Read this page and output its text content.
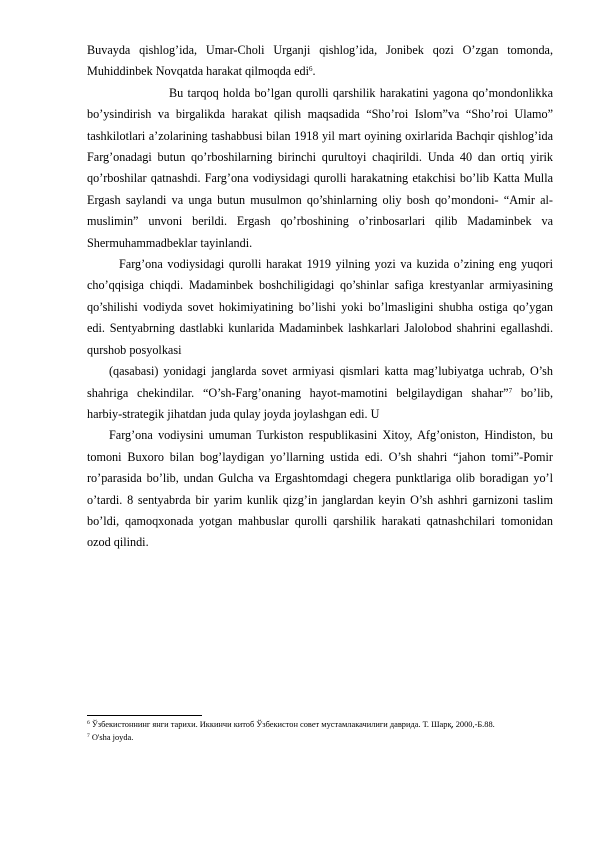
Buvayda qishlog’ida, Umar-Choli Urganji qishlog’ida, Jonibek qozi O’zgan tomonda, Muhiddinbek Novqatda harakat qilmoqda edi$^6$.

Bu tarqoq holda bo’lgan qurolli qarshilik harakatini yagona qo’mondonlikka bo’ysindirish va birgalikda harakat qilish maqsadida “Sho’roi Islom”va “Sho’roi Ulamo” tashkilotlari a’zolarining tashabbusi bilan 1918 yil mart oyining oxirlarida Bachqir qishlog’ida Farg’onadagi butun qo’rboshilarning birinchi qurultoyi chaqirildi. Unda 40 dan ortiq yirik qo’rboshilar qatnashdi. Farg’ona vodiysidagi qurolli harakatning etakchisi bo’lib Katta Mulla Ergash saylandi va unga butun musulmon qo’shinlarning oliy bosh qo’mondoni- “Amir al-muslimin” unvoni berildi. Ergash qo’rboshining o’rinbosarlari qilib Madaminbek va Shermuhammadbeklar tayinlandi.

Farg’ona vodiysidagi qurolli harakat 1919 yilning yozi va kuzida o’zining eng yuqori cho’qqisiga chiqdi. Madaminbek boshchiligidagi qo’shinlar safiga krestyanlar armiyasining qo’shilishi vodiyda sovet hokimiyatining bo’lishi yoki bo’lmasligini shubha ostiga qo’ygan edi. Sentyabrning dastlabki kunlarida Madaminbek lashkarlari Jalolobod shahrini egallashdi. qurshob posyolkasi

(qasabasi) yonidagi janglarda sovet armiyasi qismlari katta mag’lubiyatga uchrab, O’sh shahriga chekindilar. “O’sh-Farg’onaning hayot-mamotini belgilaydigan shahar”$^7$ bo’lib, harbiy-strategik jihatdan juda qulay joyda joylashgan edi. U

Farg’ona vodiysini umuman Turkiston respublikasini Xitoy, Afg’oniston, Hindiston, bu tomoni Buxoro bilan bog’laydigan yo’llarning ustida edi. O’sh shahri “jahon tomi”-Pomir ro’parasida bo’lib, undan Gulcha va Ergashtomdagi chegera punktlariga olib boradigan yo’l o’tardi. 8 sentyabrda bir yarim kunlik qizg’in janglardan keyin O’sh ashhri garnizoni taslim bo’ldi, qamoqxonada yotgan mahbuslar qurolli qarshilik harakati qatnashchilari tomonidan ozod qilindi.

$^6$ Ўзбекистоннинг янги тарихи. Иккинчи китоб Ўзбекистон совет мустамлакачилиги даврида. Т. Шарқ, 2000,-Б.88.

$^7$ O'sha joyda.
